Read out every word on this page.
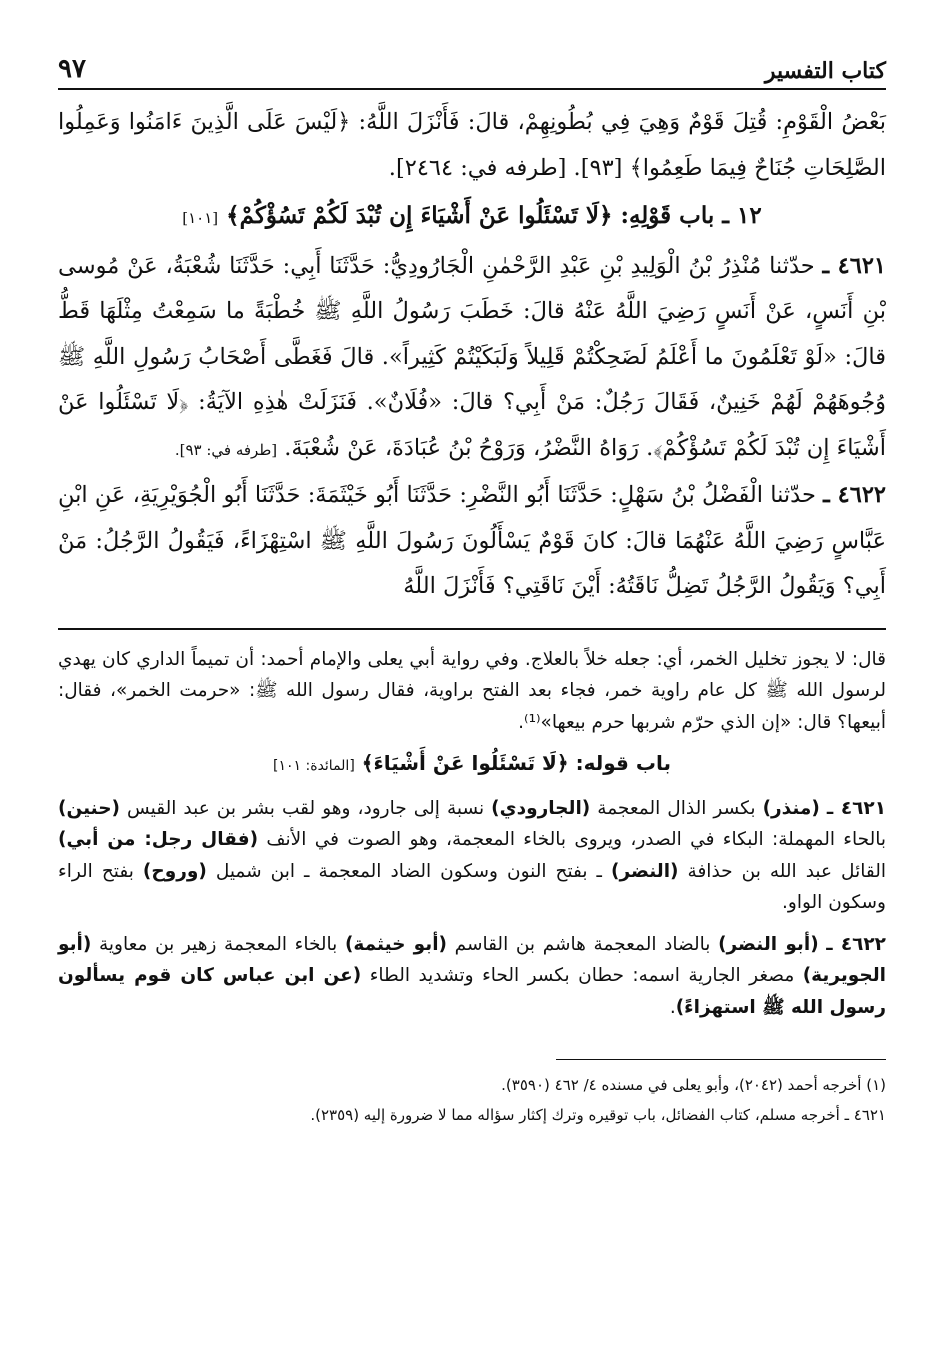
كتاب التفسير
٩٧

بَعْضُ الْقَوْمِ: قُتِلَ قَوْمٌ وَهِيَ فِي بُطُونِهِمْ، قالَ: فَأَنْزَلَ اللَّهُ: ﴿لَيْسَ عَلَى الَّذِينَ ءَامَنُوا وَعَمِلُوا الصَّلِحَاتِ جُنَاحٌ فِيمَا طَعِمُوا﴾ [٩٣]. [طرفه في: ٢٤٦٤].

١٢ ـ باب قَوْلِهِ: ﴿لَا تَسْئَلُوا عَنْ أَشْيَاءَ إِن تُبْدَ لَكُمْ تَسُؤْكُمْ﴾ [١٠١]

٤٦٢١ ـ حدّثنا مُنْذِرُ بْنُ الْوَلِيدِ بْنِ عَبْدِ الرَّحْمٰنِ الْجَارُودِيُّ: حَدَّثَنَا أَبِي: حَدَّثَنَا شُعْبَةُ، عَنْ مُوسى بْنِ أَنَسٍ، عَنْ أَنَسٍ رَضِيَ اللَّهُ عَنْهُ قالَ: خَطَبَ رَسُولُ اللَّهِ ﷺ خُطْبَةً ما سَمِعْتُ مِثْلَهَا قَطُّ قالَ: «لَوْ تَعْلَمُونَ ما أَعْلَمُ لَضَحِكْتُمْ قَلِيلاً وَلَبَكَيْتُمْ كَثِيراً». قالَ فَغَطَّى أَصْحَابُ رَسُولِ اللَّهِ ﷺ وُجُوهَهُمْ لَهُمْ خَنِينٌ، فَقَالَ رَجُلٌ: مَنْ أَبِي؟ قالَ: «فُلَانٌ». فَنَزَلَتْ هٰذِهِ الآيَةُ: ﴿لَا تَسْئَلُوا عَنْ أَشْيَاءَ إِن تُبْدَ لَكُمْ تَسُؤْكُمْ﴾. رَوَاهُ النَّضْرُ، وَرَوْحُ بْنُ عُبَادَةَ، عَنْ شُعْبَةَ. [طرفه في: ٩٣].

٤٦٢٢ ـ حدّثنا الْفَضْلُ بْنُ سَهْلٍ: حَدَّثَنَا أَبُو النَّضْرِ: حَدَّثَنَا أَبُو خَيْثَمَةَ: حَدَّثَنَا أَبُو الْجُوَيْرِيَةِ، عَنِ ابْنِ عَبَّاسٍ رَضِيَ اللَّهُ عَنْهُمَا قالَ: كانَ قَوْمٌ يَسْأَلُونَ رَسُولَ اللَّهِ ﷺ اسْتِهْزَاءً، فَيَقُولُ الرَّجُلُ: مَنْ أَبِي؟ وَيَقُولُ الرَّجُلُ تَضِلُّ نَاقَتُهُ: أَيْنَ نَاقَتِي؟ فَأَنْزَلَ اللَّهُ

قال: لا يجوز تخليل الخمر، أي: جعله خلاً بالعلاج. وفي رواية أبي يعلى والإمام أحمد: أن تميماً الداري كان يهدي لرسول الله ﷺ كل عام راوية خمر، فجاء بعد الفتح براوية، فقال رسول الله ﷺ: «حرمت الخمر»، فقال: أبيعها؟ قال: «إن الذي حرّم شربها حرم بيعها»⁽¹⁾.

باب قوله: ﴿لَا تَسْئَلُوا عَنْ أَشْيَاءَ﴾ [المائدة: ١٠١]

٤٦٢١ ـ (منذر) بكسر الذال المعجمة (الجارودي) نسبة إلى جارود، وهو لقب بشر بن عبد القيس (حنين) بالحاء المهملة: البكاء في الصدر، ويروى بالخاء المعجمة، وهو الصوت في الأنف (فقال رجل: من أبي) القائل عبد الله بن حذافة (النضر) ـ بفتح النون وسكون الضاد المعجمة ـ ابن شميل (وروح) بفتح الراء وسكون الواو.

٤٦٢٢ ـ (أبو النضر) بالضاد المعجمة هاشم بن القاسم (أبو خيثمة) بالخاء المعجمة زهير بن معاوية (أبو الجويرية) مصغر الجارية اسمه: حطان بكسر الحاء وتشديد الطاء (عن ابن عباس كان قوم يسألون رسول الله ﷺ استهزاءً).

(١) أخرجه أحمد (٢٠٤٢)، وأبو يعلى في مسنده ٤/ ٤٦٢ (٣٥٩٠).

٤٦٢١ ـ أخرجه مسلم، كتاب الفضائل، باب توقيره وترك إكثار سؤاله مما لا ضرورة إليه (٢٣٥٩).
